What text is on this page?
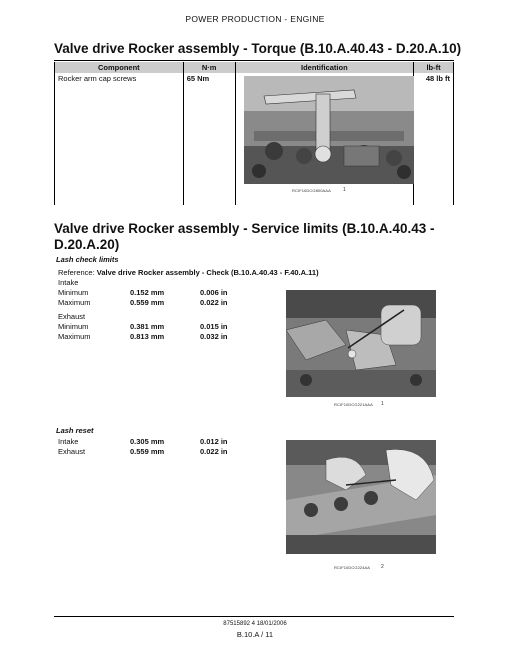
POWER PRODUCTION - ENGINE
Valve drive Rocker assembly - Torque (B.10.A.40.43 - D.20.A.10)
Component	N·m	Identification	lb-ft
Rocker arm cap screws	65 Nm		48 lb ft
RCIF10DCG800AAA 1
Valve drive Rocker assembly - Service limits (B.10.A.40.43 - D.20.A.20)
Lash check limits
Reference: Valve drive Rocker assembly - Check (B.10.A.40.43 - F.40.A.11)
Intake
Minimum	0.152 mm	0.006 in
Maximum	0.559 mm	0.022 in
Exhaust
Minimum	0.381 mm	0.015 in
Maximum	0.813 mm	0.032 in
RCIF10DCG221AAA 1
Lash reset
Intake	0.305 mm	0.012 in
Exhaust	0.559 mm	0.022 in
RCIF10DCG224AA 2
87515892 4 18/01/2006
B.10.A / 11
